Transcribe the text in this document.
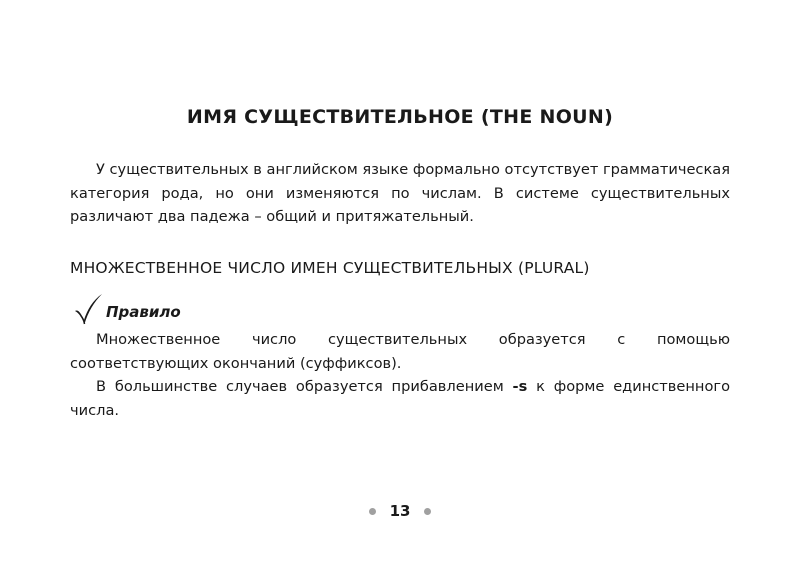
ИМЯ СУЩЕСТВИТЕЛЬНОЕ (THE NOUN)

У существительных в английском языке формально отсутствует грамматическая категория рода, но они изменяются по числам. В системе существительных различают два падежа – общий и притяжательный.

МНОЖЕСТВЕННОЕ ЧИСЛО ИМЕН СУЩЕСТВИТЕЛЬНЫХ (PLURAL)
Правило

Множественное число существительных образуется с помощью соответствующих окончаний (суффиксов).

В большинстве случаев образуется прибавлением -s к форме единственного числа.

13
